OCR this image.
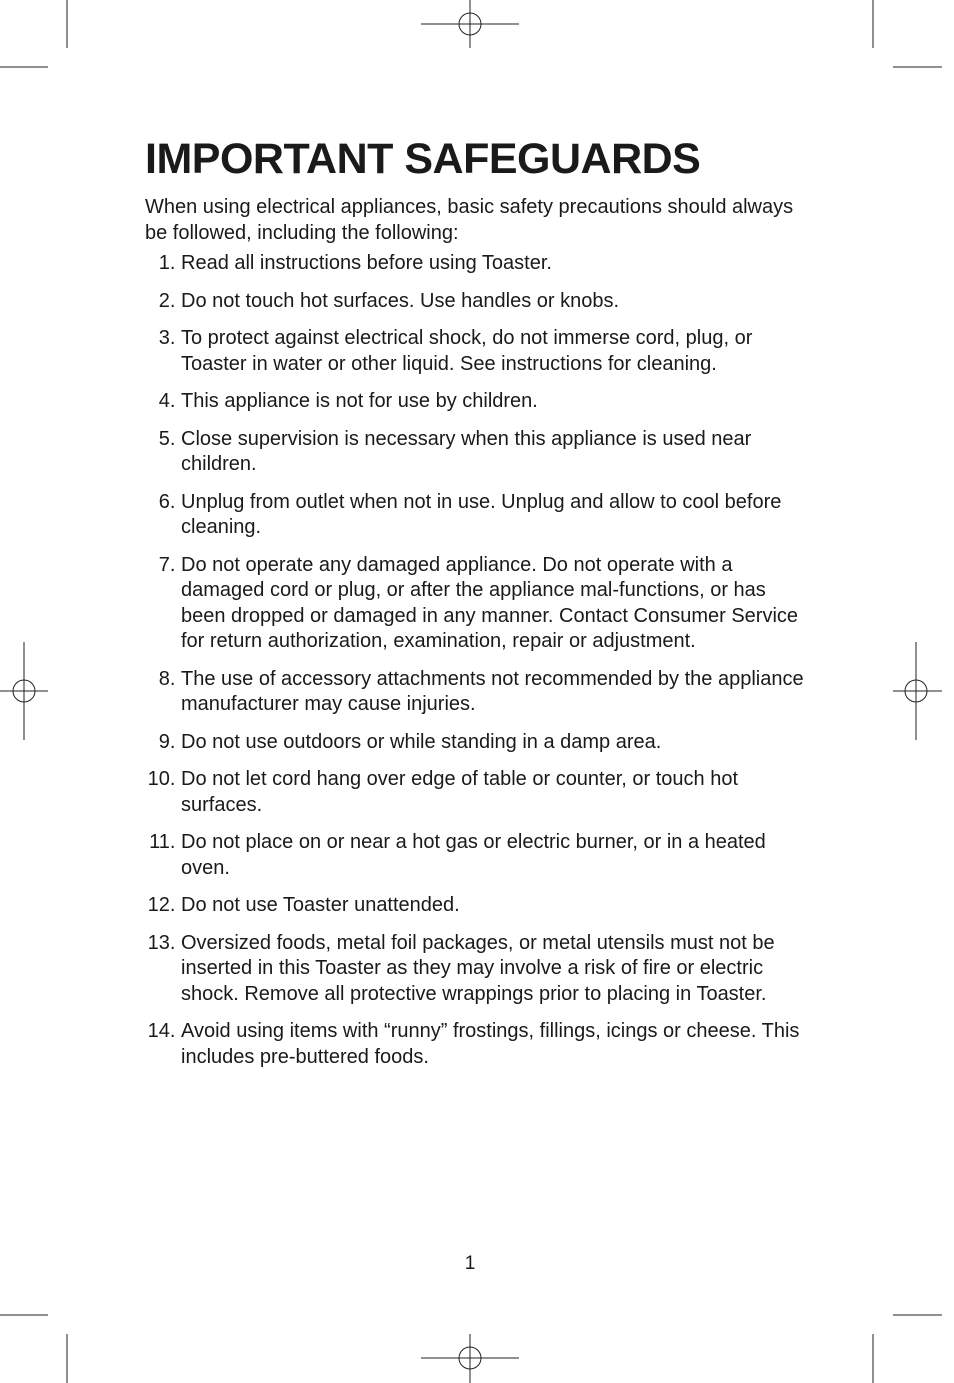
IMPORTANT SAFEGUARDS

When using electrical appliances, basic safety precautions should always be followed, including the following:

1. Read all instructions before using Toaster.
2. Do not touch hot surfaces. Use handles or knobs.
3. To protect against electrical shock, do not immerse cord, plug, or Toaster in water or other liquid. See instructions for cleaning.
4. This appliance is not for use by children.
5. Close supervision is necessary when this appliance is used near children.
6. Unplug from outlet when not in use. Unplug and allow to cool before cleaning.
7. Do not operate any damaged appliance. Do not operate with a damaged cord or plug, or after the appliance mal-functions, or has been dropped or damaged in any manner. Contact Consumer Service for return authorization, examination, repair or adjustment.
8. The use of accessory attachments not recommended by the appliance manufacturer may cause injuries.
9. Do not use outdoors or while standing in a damp area.
10. Do not let cord hang over edge of table or counter, or touch hot surfaces.
11. Do not place on or near a hot gas or electric burner, or in a heated oven.
12. Do not use Toaster unattended.
13. Oversized foods, metal foil packages, or metal utensils must not be inserted in this Toaster as they may involve a risk of fire or electric shock. Remove all protective wrappings prior to placing in Toaster.
14. Avoid using items with “runny” frostings, fillings, icings or cheese. This includes pre-buttered foods.
1
